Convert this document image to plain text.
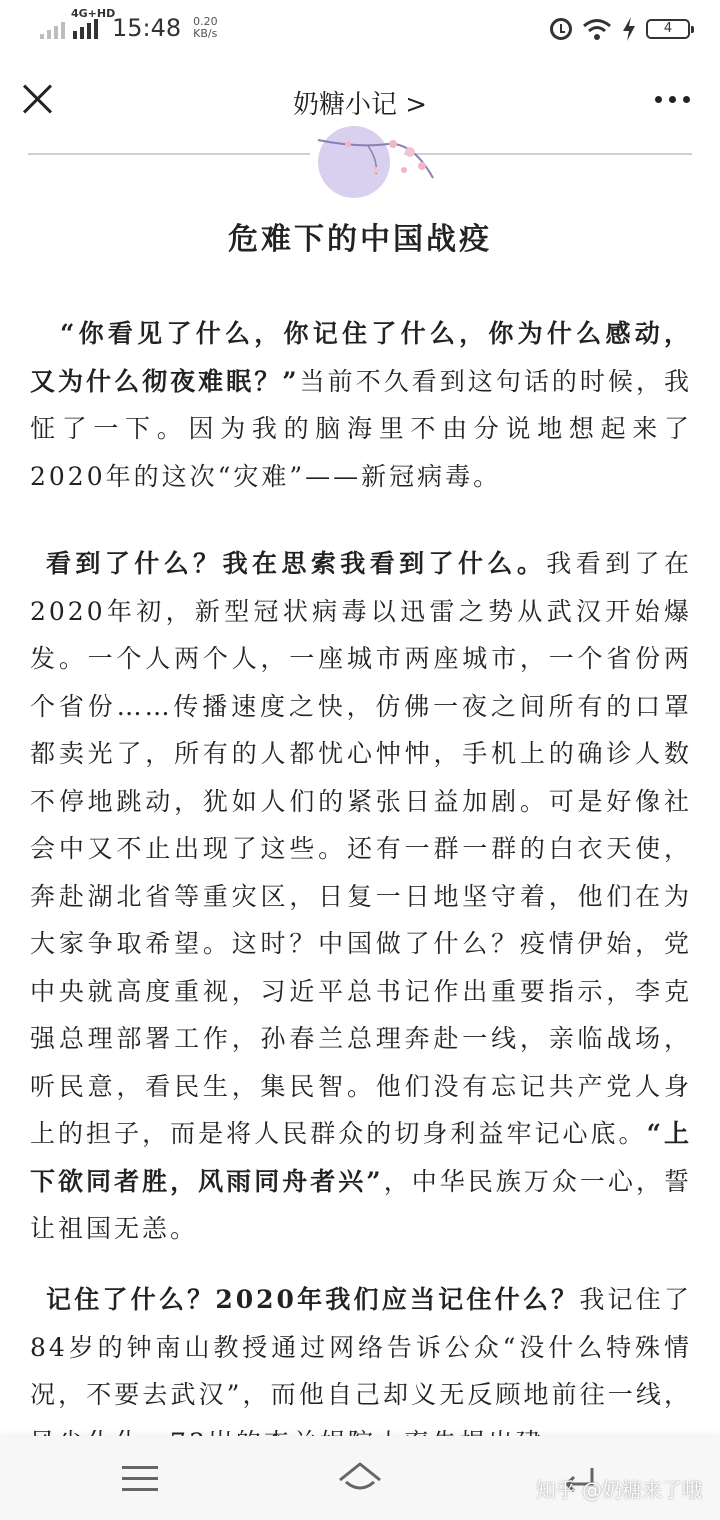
4G+HD
15:48 0.20
KB/s	4
奶糖小记 >
危难下的中国战疫

“你看见了什么，你记住了什么，你为什么感动，又为什么彻夜难眠？”当前不久看到这句话的时候，我怔了一下。因为我的脑海里不由分说地想起来了2020年的这次“灾难”——新冠病毒。

看到了什么？我在思索我看到了什么。我看到了在2020年初，新型冠状病毒以迅雷之势从武汉开始爆发。一个人两个人，一座城市两座城市，一个省份两个省份……传播速度之快，仿佛一夜之间所有的口罩都卖光了，所有的人都忧心忡忡，手机上的确诊人数不停地跳动，犹如人们的紧张日益加剧。可是好像社会中又不止出现了这些。还有一群一群的白衣天使，奔赴湖北省等重灾区，日复一日地坚守着，他们在为大家争取希望。这时？中国做了什么？疫情伊始，党中央就高度重视，习近平总书记作出重要指示，李克强总理部署工作，孙春兰总理奔赴一线，亲临战场，听民意，看民生，集民智。他们没有忘记共产党人身上的担子，而是将人民群众的切身利益牢记心底。“上下欲同者胜，风雨同舟者兴”，中华民族万众一心，誓让祖国无恙。

记住了什么？2020年我们应当记住什么？我记住了84岁的钟南山教授通过网络告诉公众“没什么特殊情况，不要去武汉”，而他自己却义无反顾地前往一线，

知乎 @奶糖来了哦
